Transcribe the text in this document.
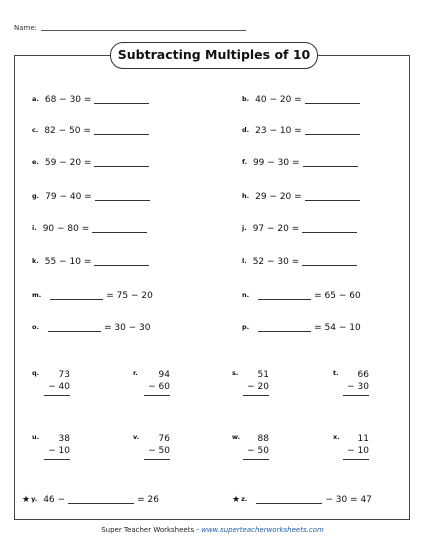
Name:
Subtracting Multiples of 10
a. 68 − 30 =	b. 40 − 20 =
c. 82 − 50 =	d. 23 − 10 =
e. 59 − 20 =	f. 99 − 30 =
g. 79 − 40 =	h. 29 − 20 =
i. 90 − 80 =	j. 97 − 20 =
k. 55 − 10 =	l. 52 − 30 =
m.	= 75 − 20	n.	= 65 − 60
o.	= 30 − 30	p.	= 54 − 10
q. 73
− 40
r. 94
− 60
s. 51
− 20
t. 66
− 30
u. 38
− 10
v. 76
− 50
w. 88
− 50
x. 11
− 10
★y. 46 −	= 26	★z.	− 30 = 47
Super Teacher Worksheets - www.superteacherworksheets.com
